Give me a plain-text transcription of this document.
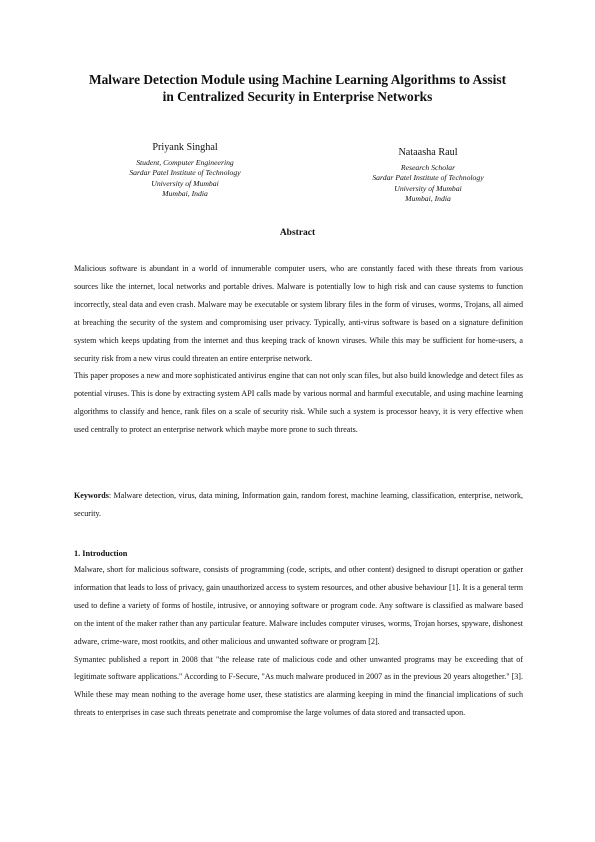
Malware Detection Module using Machine Learning Algorithms to Assist
in Centralized Security in Enterprise Networks
Priyank Singhal
Student, Computer Engineering
Sardar Patel Institute of Technology
University of Mumbai
Mumbai, India
Nataasha Raul
Research Scholar
Sardar Patel Institute of Technology
University of Mumbai
Mumbai, India
Abstract

Malicious software is abundant in a world of innumerable computer users, who are constantly faced with these threats from various sources like the internet, local networks and portable drives. Malware is potentially low to high risk and can cause systems to function incorrectly, steal data and even crash. Malware may be executable or system library files in the form of viruses, worms, Trojans, all aimed at breaching the security of the system and compromising user privacy. Typically, anti-virus software is based on a signature definition system which keeps updating from the internet and thus keeping track of known viruses. While this may be sufficient for home-users, a security risk from a new virus could threaten an entire enterprise network.

This paper proposes a new and more sophisticated antivirus engine that can not only scan files, but also build knowledge and detect files as potential viruses. This is done by extracting system API calls made by various normal and harmful executable, and using machine learning algorithms to classify and hence, rank files on a scale of security risk. While such a system is processor heavy, it is very effective when used centrally to protect an enterprise network which maybe more prone to such threats.

Keywords: Malware detection, virus, data mining, Information gain, random forest, machine learning, classification, enterprise, network, security.

1. Introduction

Malware, short for malicious software, consists of programming (code, scripts, and other content) designed to disrupt operation or gather information that leads to loss of privacy, gain unauthorized access to system resources, and other abusive behaviour [1]. It is a general term used to define a variety of forms of hostile, intrusive, or annoying software or program code. Any software is classified as malware based on the intent of the maker rather than any particular feature. Malware includes computer viruses, worms, Trojan horses, spyware, dishonest adware, crime-ware, most rootkits, and other malicious and unwanted software or program [2].

Symantec published a report in 2008 that "the release rate of malicious code and other unwanted programs may be exceeding that of legitimate software applications." According to F-Secure, "As much malware produced in 2007 as in the previous 20 years altogether." [3]. While these may mean nothing to the average home user, these statistics are alarming keeping in mind the financial implications of such threats to enterprises in case such threats penetrate and compromise the large volumes of data stored and transacted upon.
